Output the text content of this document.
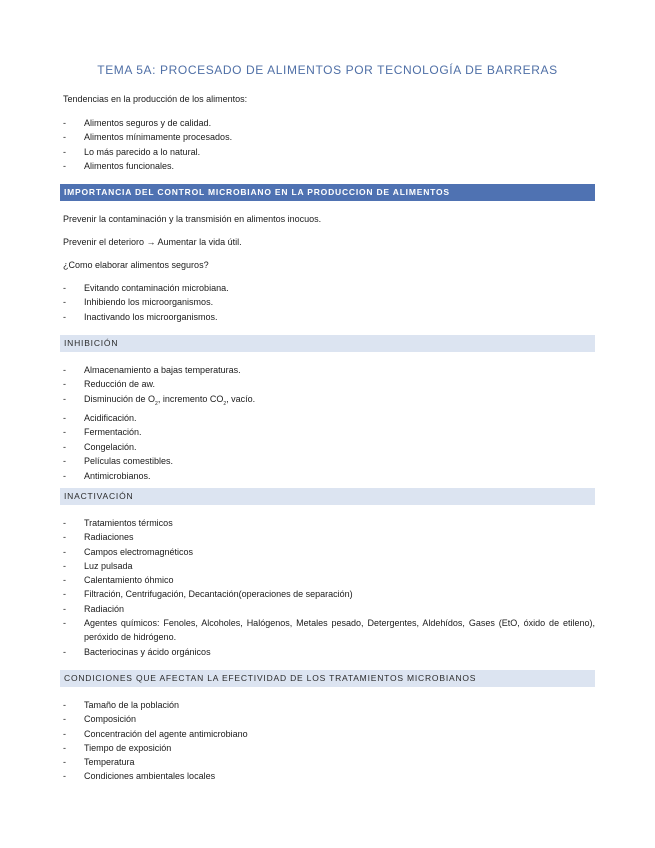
TEMA 5A: PROCESADO DE ALIMENTOS POR TECNOLOGÍA DE BARRERAS
Tendencias en la producción de los alimentos:
- Alimentos seguros y de calidad.
- Alimentos mínimamente procesados.
- Lo más parecido a lo natural.
- Alimentos funcionales.
IMPORTANCIA DEL CONTROL MICROBIANO EN LA PRODUCCION DE ALIMENTOS
Prevenir la contaminación y la transmisión en alimentos inocuos.
Prevenir el deterioro → Aumentar la vida útil.
¿Como elaborar alimentos seguros?
- Evitando contaminación microbiana.
- Inhibiendo los microorganismos.
- Inactivando los microorganismos.
INHIBICIÓN
- Almacenamiento a bajas temperaturas.
- Reducción de aw.
- Disminución de $O_2$, incremento $CO_2$, vacío.
- Acidificación.
- Fermentación.
- Congelación.
- Películas comestibles.
- Antimicrobianos.
INACTIVACIÓN
- Tratamientos térmicos
- Radiaciones
- Campos electromagnéticos
- Luz pulsada
- Calentamiento óhmico
- Filtración, Centrifugación, Decantación(operaciones de separación)
- Radiación
- Agentes químicos: Fenoles, Alcoholes, Halógenos, Metales pesado, Detergentes, Aldehídos, Gases (EtO, óxido de etileno), peróxido de hidrógeno.
- Bacteriocinas y ácido orgánicos
CONDICIONES QUE AFECTAN LA EFECTIVIDAD DE LOS TRATAMIENTOS MICROBIANOS
- Tamaño de la población
- Composición
- Concentración del agente antimicrobiano
- Tiempo de exposición
- Temperatura
- Condiciones ambientales locales
